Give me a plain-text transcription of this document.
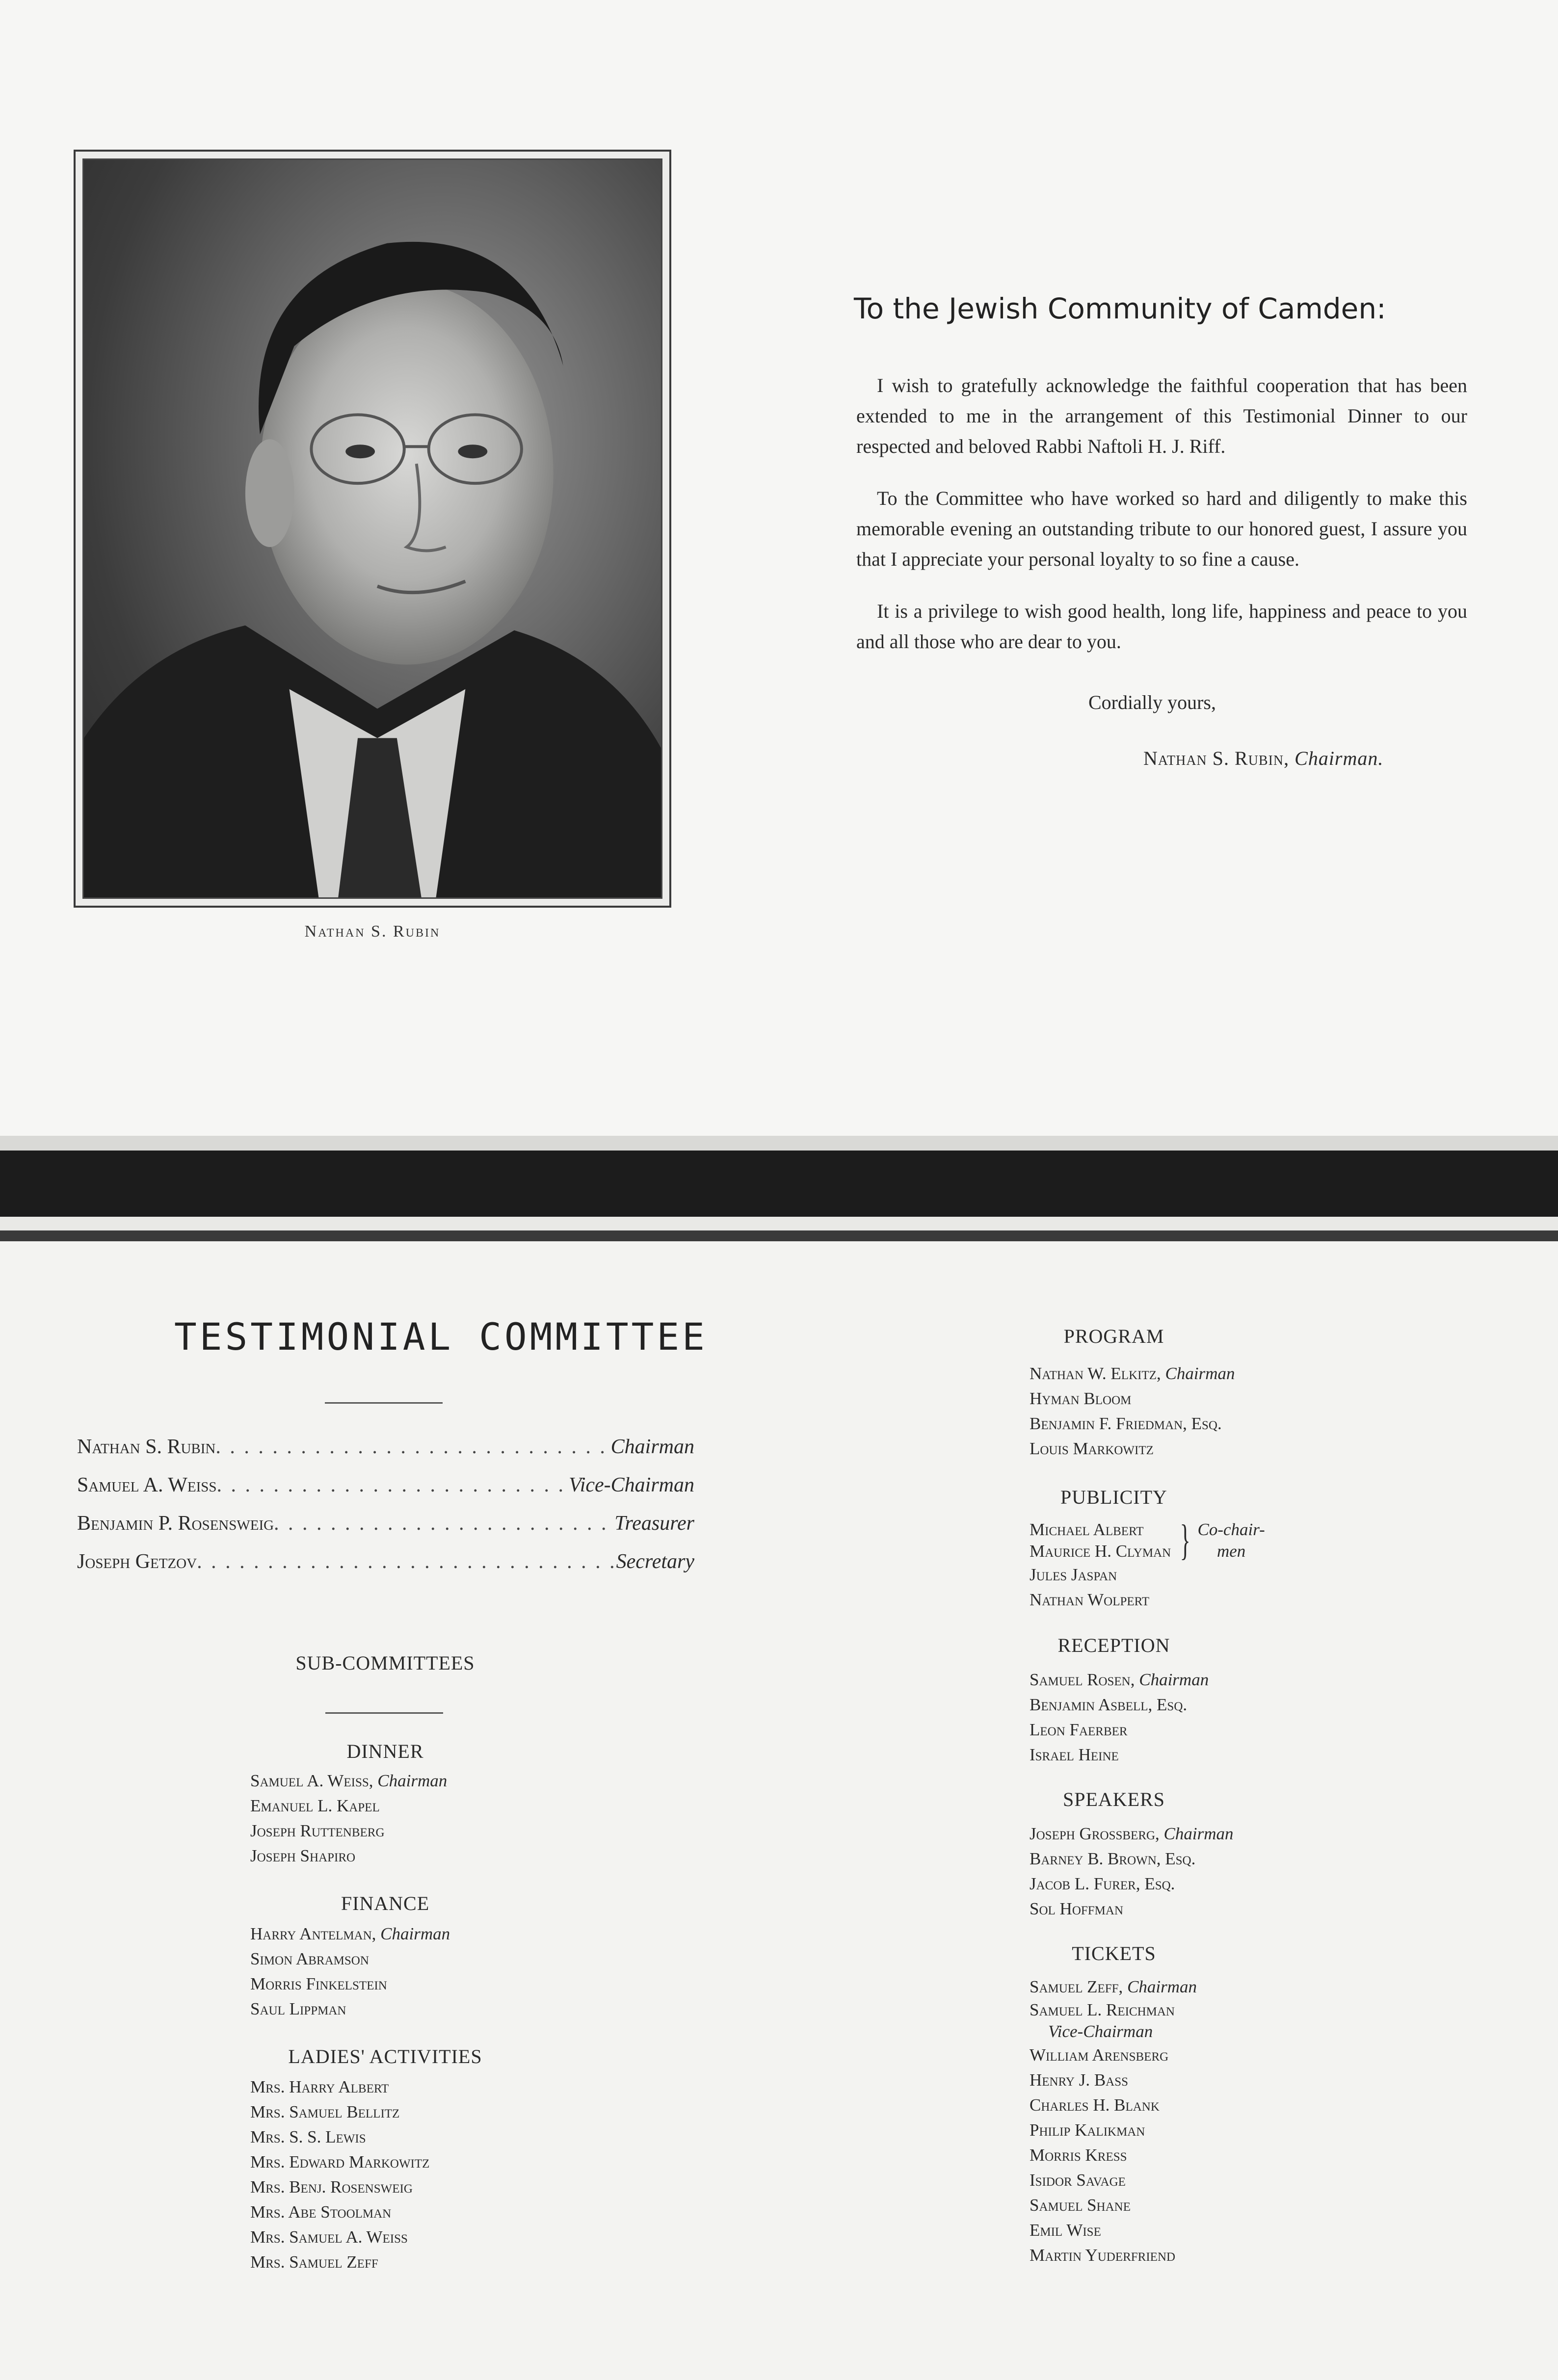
Nathan S. Rubin
To the Jewish Community of Camden:

I wish to gratefully acknowledge the faithful cooperation that has been extended to me in the arrangement of this Testimonial Dinner to our respected and beloved Rabbi Naftoli H. J. Riff.

To the Committee who have worked so hard and diligently to make this memorable evening an outstanding tribute to our honored guest, I assure you that I appreciate your personal loyalty to so fine a cause.

It is a privilege to wish good health, long life, happiness and peace to you and all those who are dear to you.

Cordially yours,
Nathan S. Rubin, Chairman.
TESTIMONIAL COMMITTEE
Nathan S. Rubin . . .	Chairman
Samuel A. Weiss . . .	Vice-Chairman
Benjamin P. Rosensweig . . .	Treasurer
Joseph Getzov . . .	Secretary
SUB-COMMITTEES
DINNER
Samuel A. Weiss, Chairman
Emanuel L. Kapel
Joseph Ruttenberg
Joseph Shapiro
FINANCE
Harry Antelman, Chairman
Simon Abramson
Morris Finkelstein
Saul Lippman
LADIES' ACTIVITIES
Mrs. Harry Albert
Mrs. Samuel Bellitz
Mrs. S. S. Lewis
Mrs. Edward Markowitz
Mrs. Benj. Rosensweig
Mrs. Abe Stoolman
Mrs. Samuel A. Weiss
Mrs. Samuel Zeff
PROGRAM
Nathan W. Elkitz, Chairman
Hyman Bloom
Benjamin F. Friedman, Esq.
Louis Markowitz
PUBLICITY
Michael Albert
Maurice H. Clyman } Co-chair-
men
Jules Jaspan
Nathan Wolpert
RECEPTION
Samuel Rosen, Chairman
Benjamin Asbell, Esq.
Leon Faerber
Israel Heine
SPEAKERS
Joseph Grossberg, Chairman
Barney B. Brown, Esq.
Jacob L. Furer, Esq.
Sol Hoffman
TICKETS
Samuel Zeff, Chairman
Samuel L. Reichman
Vice-Chairman
William Arensberg
Henry J. Bass
Charles H. Blank
Philip Kalikman
Morris Kress
Isidor Savage
Samuel Shane
Emil Wise
Martin Yuderfriend
